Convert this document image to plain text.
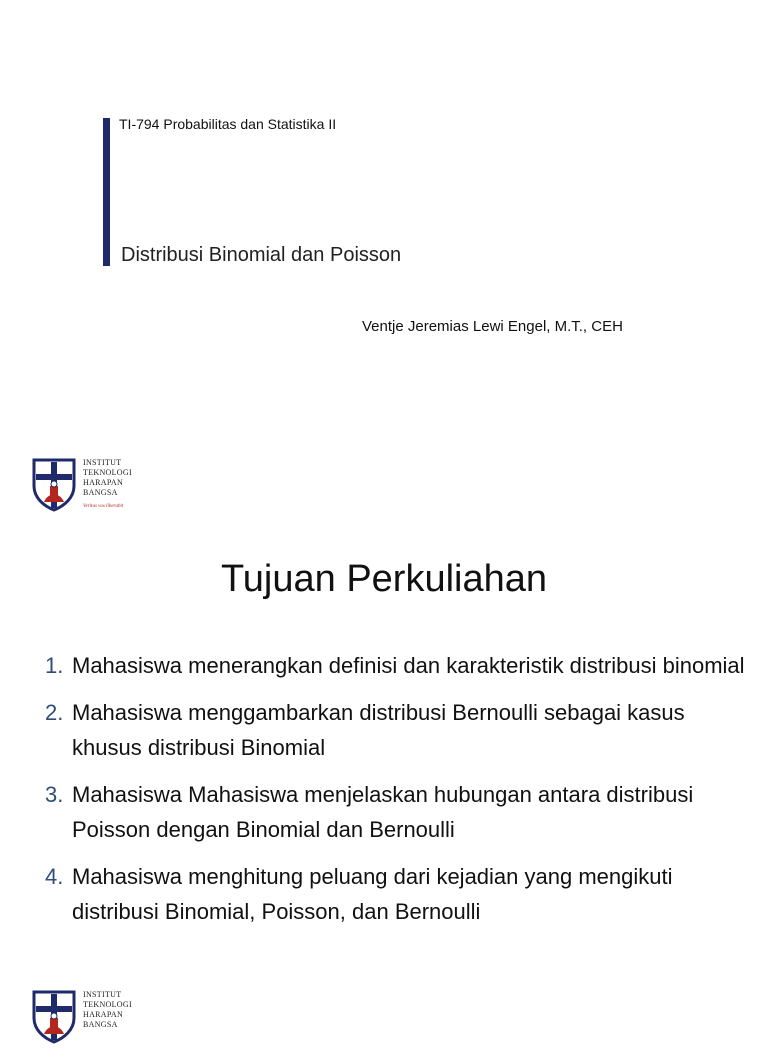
TI-794 Probabilitas dan Statistika II
Distribusi Binomial dan Poisson
Ventje Jeremias Lewi Engel, M.T., CEH
INSTITUT
TEKNOLOGI
HARAPAN
BANGSA
Veritas vos liberabit
Tujuan Perkuliahan
1. Mahasiswa menerangkan definisi dan karakteristik distribusi binomial
2. Mahasiswa menggambarkan distribusi Bernoulli sebagai kasus khusus distribusi Binomial
3. Mahasiswa Mahasiswa menjelaskan hubungan antara distribusi Poisson dengan Binomial dan Bernoulli
4. Mahasiswa menghitung peluang dari kejadian yang mengikuti distribusi Binomial, Poisson, dan Bernoulli
INSTITUT
TEKNOLOGI
HARAPAN
BANGSA
